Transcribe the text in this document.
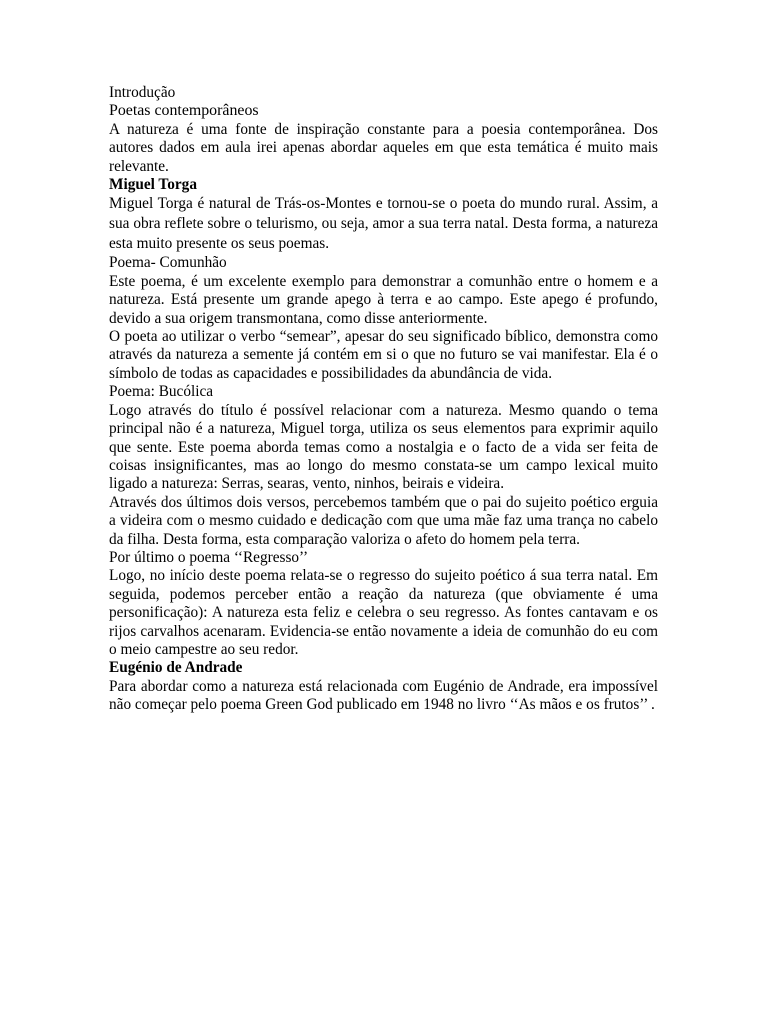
Introdução

Poetas contemporâneos

A natureza é uma fonte de inspiração constante para a poesia contemporânea. Dos autores dados em aula irei apenas abordar aqueles em que esta temática é muito mais relevante.

Miguel Torga

Miguel Torga é natural de Trás-os-Montes e tornou-se o poeta do mundo rural. Assim, a sua obra reflete sobre o telurismo, ou seja, amor a sua terra natal. Desta forma, a natureza esta muito presente os seus poemas.

Poema- Comunhão

Este poema, é um excelente exemplo para demonstrar a comunhão entre o homem e a natureza. Está presente um grande apego à terra e ao campo. Este apego é profundo, devido a sua origem transmontana, como disse anteriormente.

O poeta ao utilizar o verbo “semear”, apesar do seu significado bíblico, demonstra como através da natureza a semente já contém em si o que no futuro se vai manifestar. Ela é o símbolo de todas as capacidades e possibilidades da abundância de vida.

Poema: Bucólica

Logo através do título é possível relacionar com a natureza. Mesmo quando o tema principal não é a natureza, Miguel torga, utiliza os seus elementos para exprimir aquilo que sente. Este poema aborda temas como a nostalgia e o facto de a vida ser feita de coisas insignificantes, mas ao longo do mesmo constata-se um campo lexical muito ligado a natureza: Serras, searas, vento, ninhos, beirais e videira.

Através dos últimos dois versos, percebemos também que o pai do sujeito poético erguia a videira com o mesmo cuidado e dedicação com que uma mãe faz uma trança no cabelo da filha. Desta forma, esta comparação valoriza o afeto do homem pela terra.

Por último o poema ‘‘Regresso’’

Logo, no início deste poema relata-se o regresso do sujeito poético á sua terra natal. Em seguida, podemos perceber então a reação da natureza (que obviamente é uma personificação): A natureza esta feliz e celebra o seu regresso. As fontes cantavam e os rijos carvalhos acenaram. Evidencia-se então novamente a ideia de comunhão do eu com o meio campestre ao seu redor.

Eugénio de Andrade

Para abordar como a natureza está relacionada com Eugénio de Andrade, era impossível não começar pelo poema Green God publicado em 1948 no livro ‘‘As mãos e os frutos’’ .
